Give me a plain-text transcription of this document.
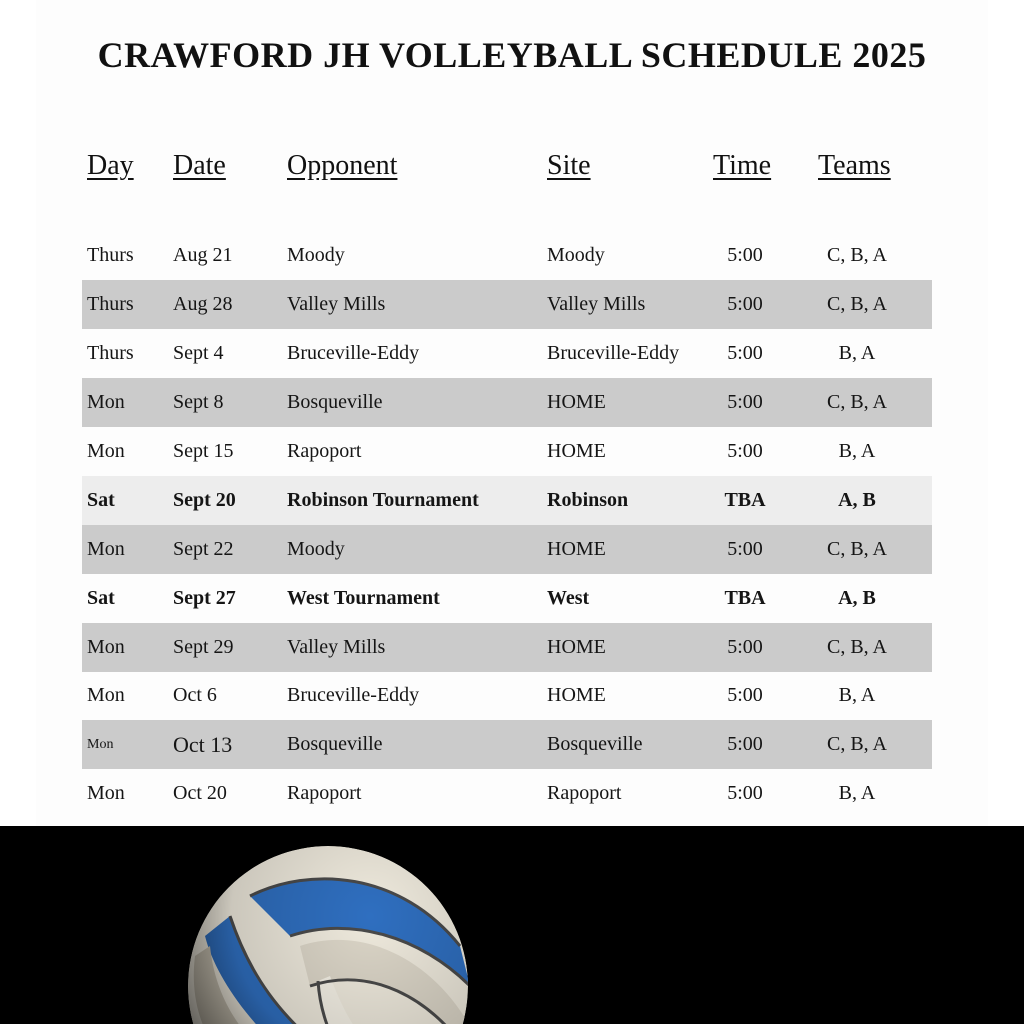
CRAWFORD JH VOLLEYBALL SCHEDULE 2025
Day Date Opponent	Site	Time Teams
Thurs Aug 21	Moody	Moody	5:00	C, B, A
Thurs Aug 28	Valley Mills	Valley Mills	5:00	C, B, A
Thurs Sept 4	Bruceville-Eddy	Bruceville-Eddy	5:00	B, A
Mon Sept 8	Bosqueville	HOME	5:00	C, B, A
Mon Sept 15	Rapoport	HOME	5:00	B, A
Sat	Sept 20	Robinson Tournament	Robinson	TBA	A, B
Mon Sept 22	Moody	HOME	5:00	C, B, A
Sat	Sept 27	West Tournament	West	TBA	A, B
Mon Sept 29	Valley Mills	HOME	5:00	C, B, A
Mon Oct 6	Bruceville-Eddy	HOME	5:00	B, A
Mon	Oct 13	Bosqueville	Bosqueville	5:00	C, B, A
Mon Oct 20	Rapoport	Rapoport	5:00	B, A
